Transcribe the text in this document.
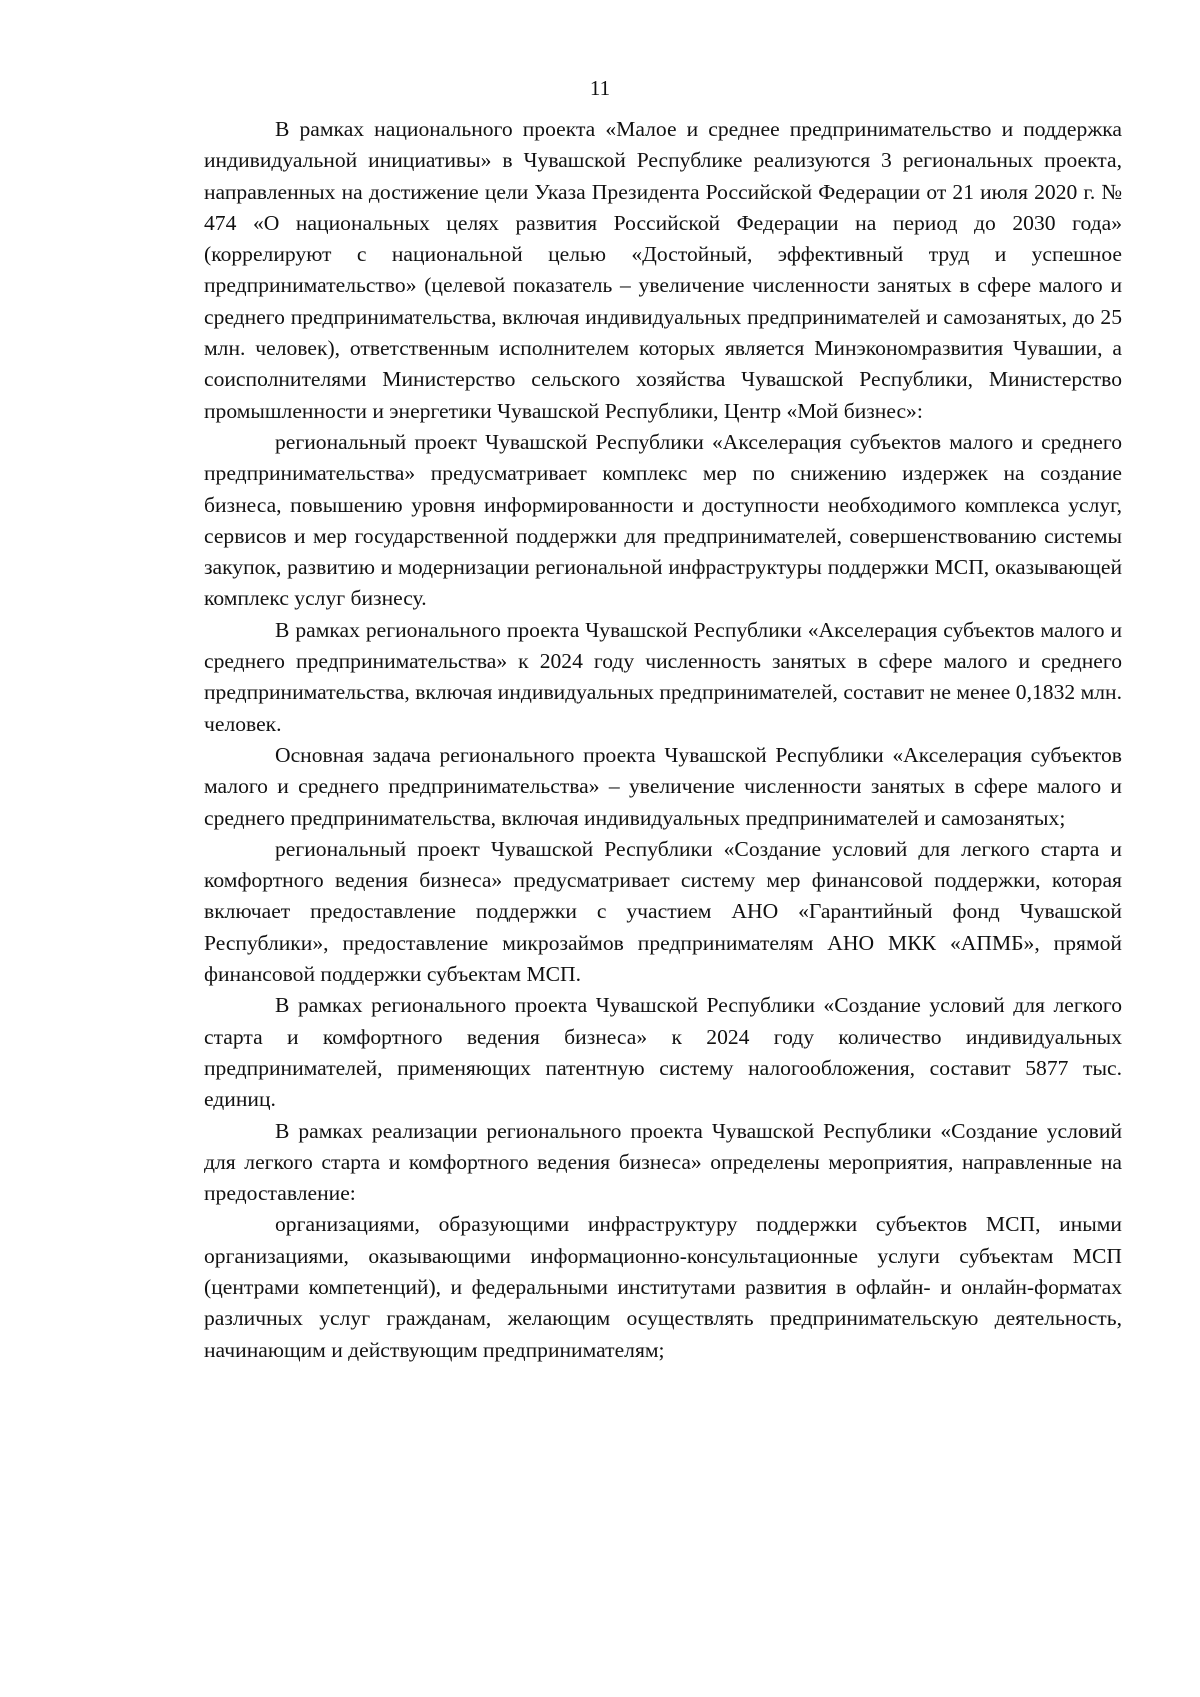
11

В рамках национального проекта «Малое и среднее предпринимательство и поддержка индивидуальной инициативы» в Чувашской Республике реализуются 3 региональных проекта, направленных на достижение цели Указа Президента Российской Федерации от 21 июля 2020 г. № 474 «О национальных целях развития Российской Федерации на период до 2030 года» (коррелируют с национальной целью «Достойный, эффективный труд и успешное предпринимательство» (целевой показатель – увеличение численности занятых в сфере малого и среднего предпринимательства, включая индивидуальных предпринимателей и самозанятых, до 25 млн. человек), ответственным исполнителем которых является Минэкономразвития Чувашии, а соисполнителями Министерство сельского хозяйства Чувашской Республики, Министерство промышленности и энергетики Чувашской Республики, Центр «Мой бизнес»:

региональный проект Чувашской Республики «Акселерация субъектов малого и среднего предпринимательства» предусматривает комплекс мер по снижению издержек на создание бизнеса, повышению уровня информированности и доступности необходимого комплекса услуг, сервисов и мер государственной поддержки для предпринимателей, совершенствованию системы закупок, развитию и модернизации региональной инфраструктуры поддержки МСП, оказывающей комплекс услуг бизнесу.

В рамках регионального проекта Чувашской Республики «Акселерация субъектов малого и среднего предпринимательства» к 2024 году численность занятых в сфере малого и среднего предпринимательства, включая индивидуальных предпринимателей, составит не менее 0,1832 млн. человек.

Основная задача регионального проекта Чувашской Республики «Акселерация субъектов малого и среднего предпринимательства» – увеличение численности занятых в сфере малого и среднего предпринимательства, включая индивидуальных предпринимателей и самозанятых;

региональный проект Чувашской Республики «Создание условий для легкого старта и комфортного ведения бизнеса» предусматривает систему мер финансовой поддержки, которая включает предоставление поддержки с участием АНО «Гарантийный фонд Чувашской Республики», предоставление микрозаймов предпринимателям АНО МКК «АПМБ», прямой финансовой поддержки субъектам МСП.

В рамках регионального проекта Чувашской Республики «Создание условий для легкого старта и комфортного ведения бизнеса» к 2024 году количество индивидуальных предпринимателей, применяющих патентную систему налогообложения, составит 5877 тыс. единиц.

В рамках реализации регионального проекта Чувашской Республики «Создание условий для легкого старта и комфортного ведения бизнеса» определены мероприятия, направленные на предоставление:

организациями, образующими инфраструктуру поддержки субъектов МСП, иными организациями, оказывающими информационно-консультационные услуги субъектам МСП (центрами компетенций), и федеральными институтами развития в офлайн- и онлайн-форматах различных услуг гражданам, желающим осуществлять предпринимательскую деятельность, начинающим и действующим предпринимателям;
